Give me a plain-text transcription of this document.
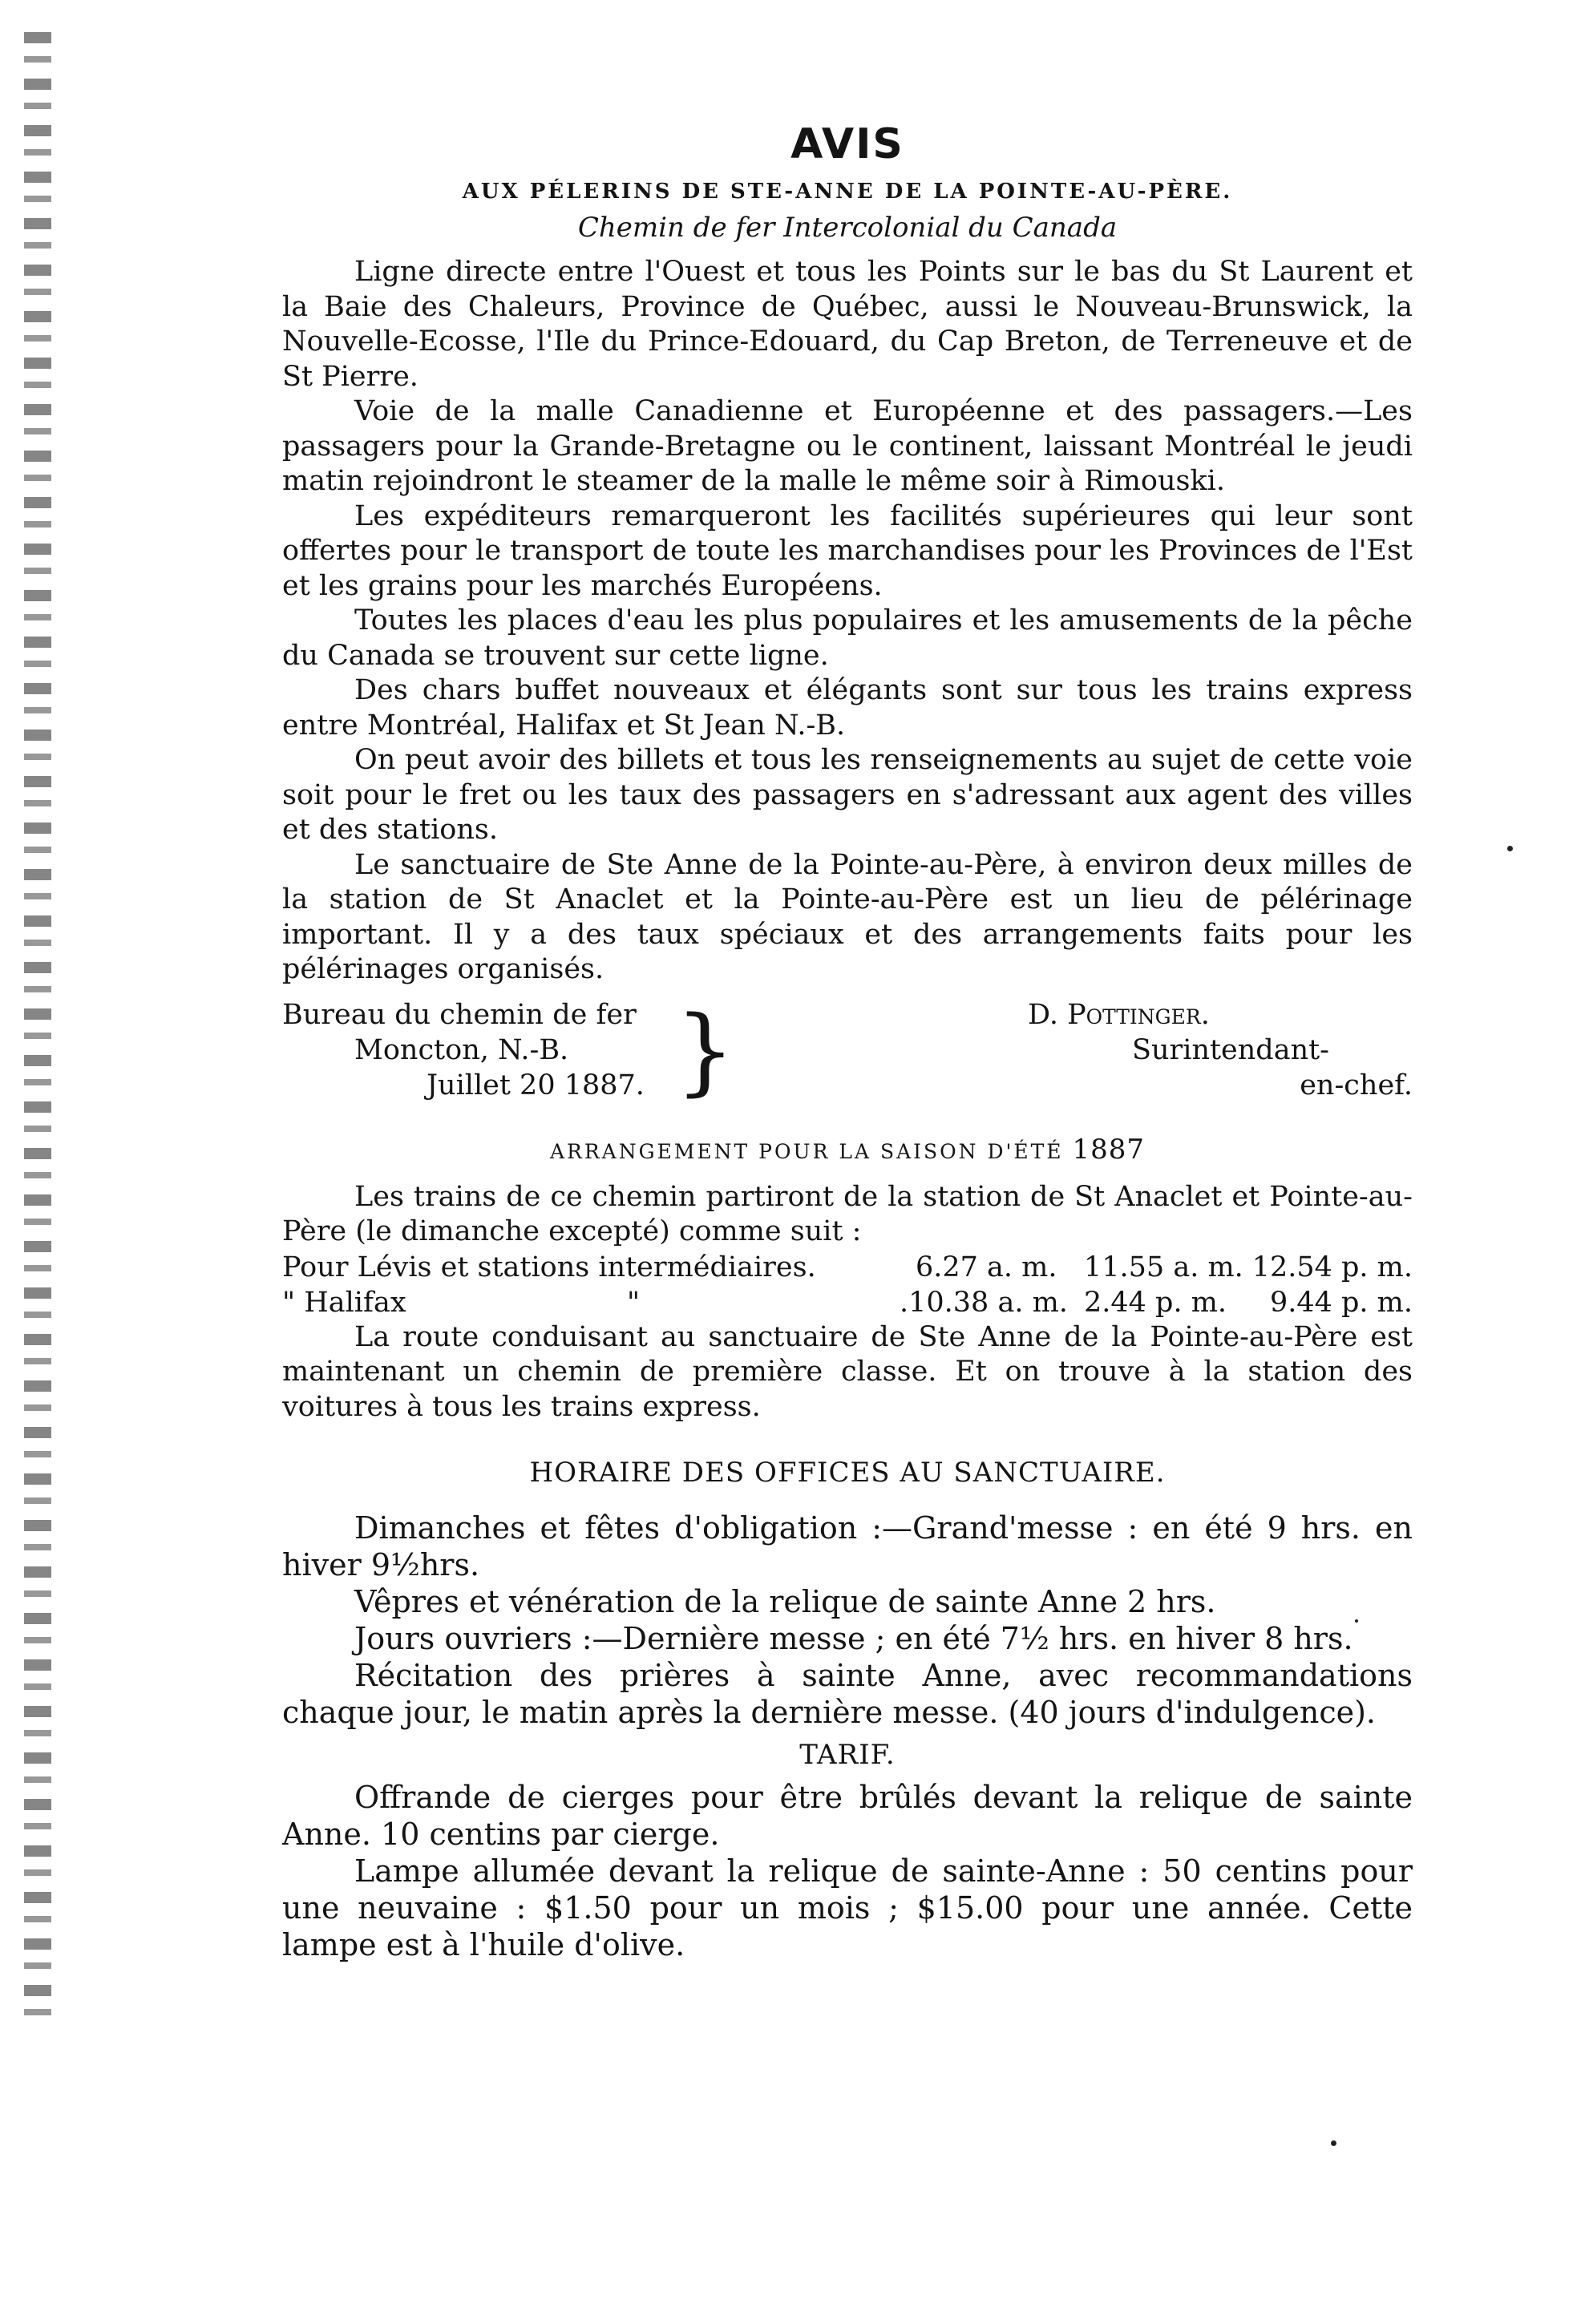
AVIS
AUX PÉLERINS DE STE-ANNE DE LA POINTE-AU-PÈRE.
Chemin de fer Intercolonial du Canada

Ligne directe entre l'Ouest et tous les Points sur le bas du St Laurent et la Baie des Chaleurs, Province de Québec, aussi le Nouveau-Brunswick, la Nouvelle-Ecosse, l'Ile du Prince-Edouard, du Cap Breton, de Terreneuve et de St Pierre.

Voie de la malle Canadienne et Européenne et des passagers.—Les passagers pour la Grande-Bretagne ou le continent, laissant Montréal le jeudi matin rejoindront le steamer de la malle le même soir à Rimouski.

Les expéditeurs remarqueront les facilités supérieures qui leur sont offertes pour le transport de toute les marchandises pour les Provinces de l'Est et les grains pour les marchés Européens.

Toutes les places d'eau les plus populaires et les amusements de la pêche du Canada se trouvent sur cette ligne.

Des chars buffet nouveaux et élégants sont sur tous les trains express entre Montréal, Halifax et St Jean N.-B.

On peut avoir des billets et tous les renseignements au sujet de cette voie soit pour le fret ou les taux des passagers en s'adressant aux agent des villes et des stations.

Le sanctuaire de Ste Anne de la Pointe-au-Père, à environ deux milles de la station de St Anaclet et la Pointe-au-Père est un lieu de pélérinage important. Il y a des taux spéciaux et des arrangements faits pour les pélérinages organisés.

Bureau du chemin de fer
Moncton, N.-B.
Juillet 20 1887. }	D. Pottinger.
Surintendant-
en-chef.
ARRANGEMENT POUR LA SAISON D'ÉTÉ 1887

Les trains de ce chemin partiront de la station de St Anaclet et Pointe-au-Père (le dimanche excepté) comme suit :

Pour Lévis et stations intermédiaires.	6.27 a. m. 11.55 a. m. 12.54 p. m.
" Halifax	"	.10.38 a. m. 2.44 p. m. 9.44 p. m.

La route conduisant au sanctuaire de Ste Anne de la Pointe-au-Père est maintenant un chemin de première classe. Et on trouve à la station des voitures à tous les trains express.

HORAIRE DES OFFICES AU SANCTUAIRE.

Dimanches et fêtes d'obligation :—Grand'messe : en été 9 hrs. en hiver 9½hrs.

Vêpres et vénération de la relique de sainte Anne 2 hrs.

Jours ouvriers :—Dernière messe ; en été 7½ hrs. en hiver 8 hrs.

Récitation des prières à sainte Anne, avec recommandations chaque jour, le matin après la dernière messe. (40 jours d'indulgence).

TARIF.

Offrande de cierges pour être brûlés devant la relique de sainte Anne. 10 centins par cierge.

Lampe allumée devant la relique de sainte-Anne : 50 centins pour une neuvaine : $1.50 pour un mois ; $15.00 pour une année. Cette lampe est à l'huile d'olive.
